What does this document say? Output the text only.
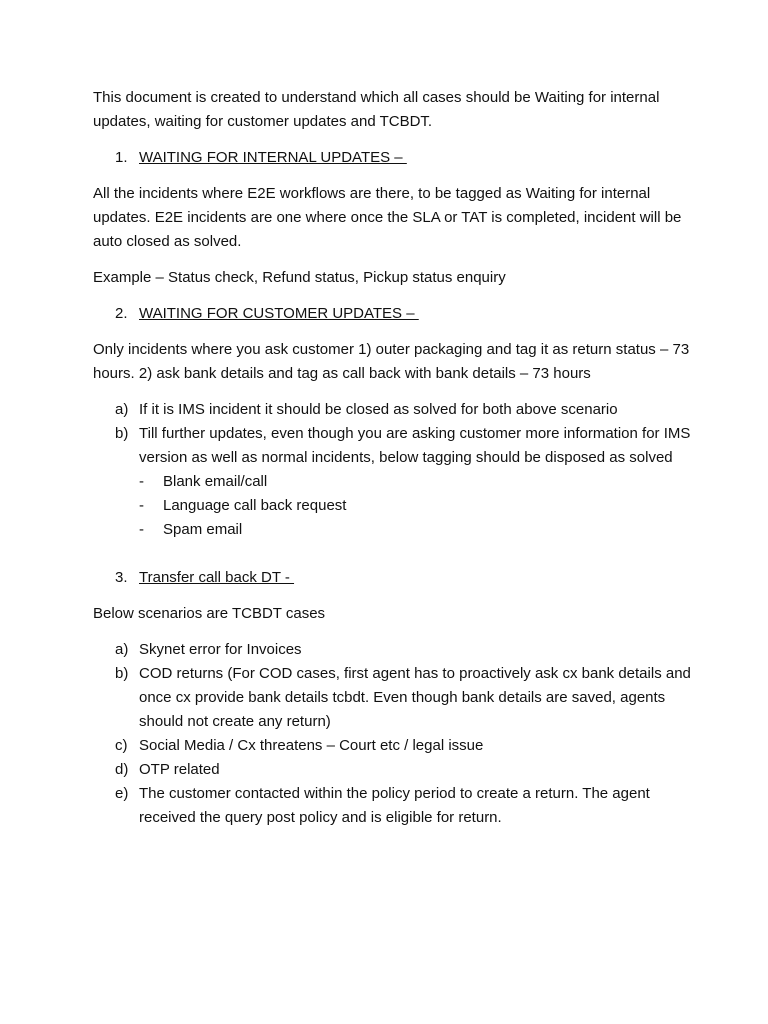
This document is created to understand which all cases should be Waiting for internal updates, waiting for customer updates and TCBDT.

1. WAITING FOR INTERNAL UPDATES –

All the incidents where E2E workflows are there, to be tagged as Waiting for internal updates. E2E incidents are one where once the SLA or TAT is completed, incident will be auto closed as solved.

Example – Status check, Refund status, Pickup status enquiry

2. WAITING FOR CUSTOMER UPDATES –

Only incidents where you ask customer 1) outer packaging and tag it as return status – 73 hours. 2) ask bank details and tag as call back with bank details – 73 hours

a) If it is IMS incident it should be closed as solved for both above scenario
b) Till further updates, even though you are asking customer more information for IMS version as well as normal incidents, below tagging should be disposed as solved
-	Blank email/call
-	Language call back request
-	Spam email
3. Transfer call back DT -

Below scenarios are TCBDT cases

a) Skynet error for Invoices
b) COD returns (For COD cases, first agent has to proactively ask cx bank details and once cx provide bank details tcbdt. Even though bank details are saved, agents should not create any return)
c) Social Media / Cx threatens – Court etc / legal issue
d) OTP related
e) The customer contacted within the policy period to create a return. The agent received the query post policy and is eligible for return.
